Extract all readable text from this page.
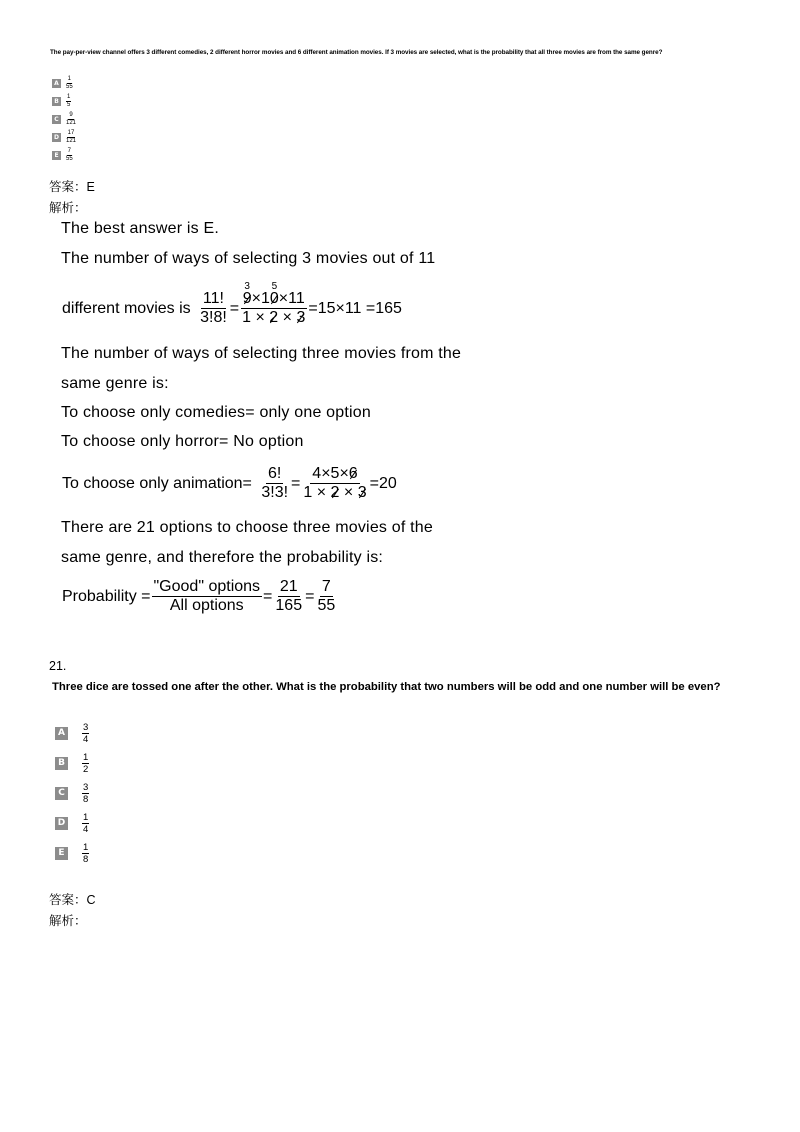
The pay-per-view channel offers 3 different comedies, 2 different horror movies and 6 different animation movies. If 3 movies are selected, what is the probability that all three movies are from the same genre?
A	$\frac{1}{55}$
B	$\frac{1}{5}$
C	$\frac{9}{121}$
D	$\frac{17}{121}$
E	$\frac{7}{55}$
答案：E
解析：
The best answer is E.
The number of ways of selecting 3 movies out of 11
different movies is
$\frac{11!}{3!8!} = 3$
9×1
5
0×11
1 × 2 × 3 =15×11 =165
The number of ways of selecting three movies from the
same genre is:
To choose only comedies= only one option
To choose only horror= No option
To choose only animation=
$\frac{6!}{3!3!} = \frac{4\times 5\times 6}{1 \times 2 \times 3} =20$
There are 21 options to choose three movies of the
same genre, and therefore the probability is:
Probability =
"Good" options
All options
= $\frac{21}{165} = \frac{7}{55}$
21.
Three dice are tossed one after the other. What is the probability that two numbers will be odd and one number will be even?
A	$\frac{3}{4}$
B	$\frac{1}{2}$
C	$\frac{3}{8}$
D $\frac{1}{4}$
E	$\frac{1}{8}$
答案：C
解析：
